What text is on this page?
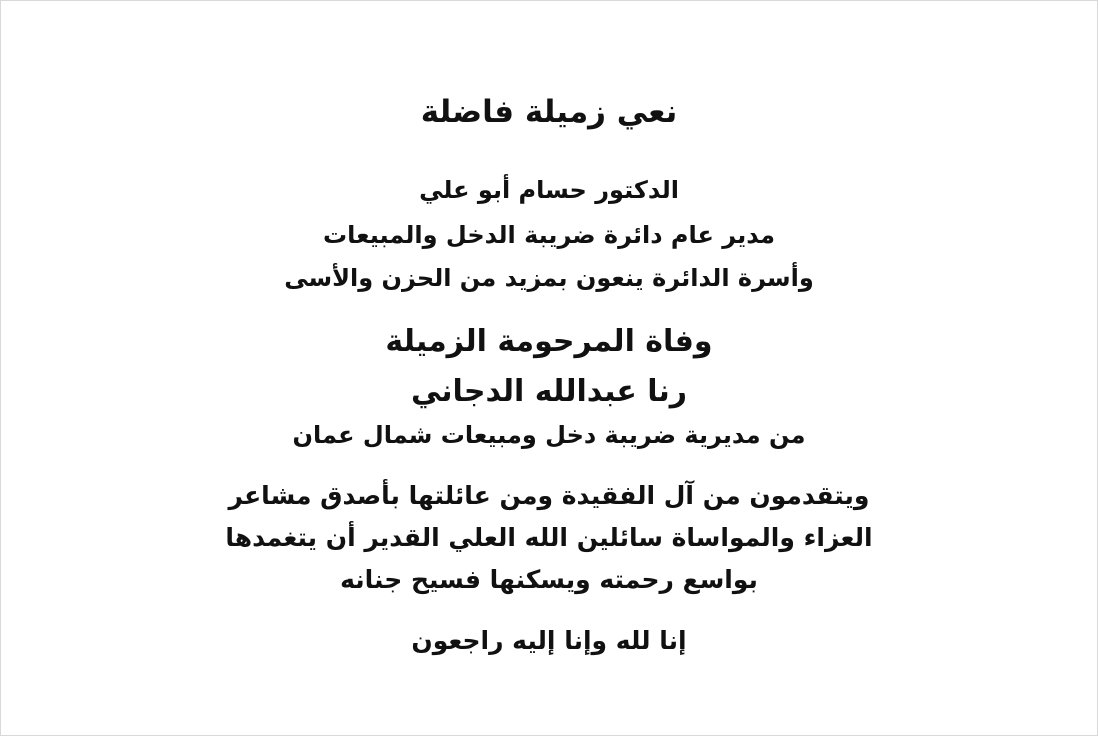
نعي زميلة فاضلة
الدكتور حسام أبو علي
مدير عام دائرة ضريبة الدخل والمبيعات
وأسرة الدائرة ينعون بمزيد من الحزن والأسى
وفاة المرحومة الزميلة
رنا عبدالله الدجاني
من مديرية ضريبة دخل ومبيعات شمال عمان
ويتقدمون من آل الفقيدة ومن عائلتها بأصدق مشاعر
العزاء والمواساة سائلين الله العلي القدير أن يتغمدها
بواسع رحمته ويسكنها فسيح جنانه
إنا لله وإنا إليه راجعون
